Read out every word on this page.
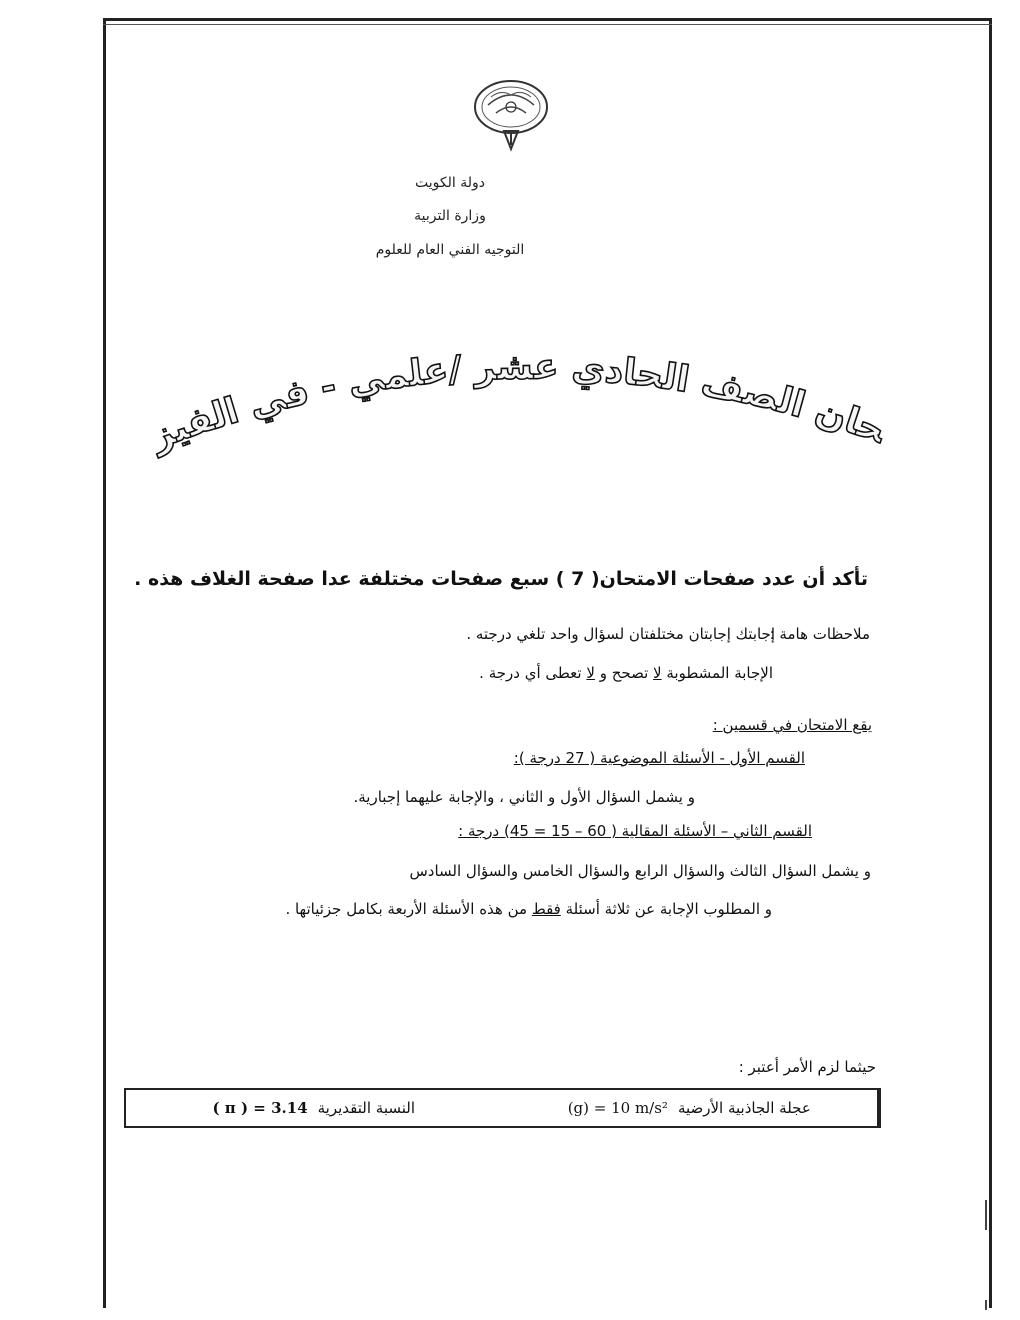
دولة الكويت
وزارة التربية
التوجيه الفني العام للعلوم
حان الصف الحادي عشر /علمي - في الفيز
تأكد أن عدد صفحات الامتحان( 7 ) سبع صفحات مختلفة عدا صفحة الغلاف هذه .
ملاحظات هامة :
إجابتك إجابتان مختلفتان لسؤال واحد تلغي درجته .
الإجابة المشطوبة لا تصحح و لا تعطى أي درجة .
يقع الامتحان في قسمين :
القسم الأول - الأسئلة الموضوعية ( 27 درجة ):
و يشمل السؤال الأول و الثاني ، والإجابة عليهما إجبارية.
القسم الثاني – الأسئلة المقالية ( 60 – 15 = 45) درجة :
و يشمل السؤال الثالث والسؤال الرابع والسؤال الخامس والسؤال السادس
و المطلوب الإجابة عن ثلاثة أسئلة فقط من هذه الأسئلة الأربعة بكامل جزئياتها .
حيثما لزم الأمر أعتبر :
النسبة التقديرية
( π ) = 3.14	عجلة الجاذبية الأرضية
(g) = 10 m/s²
